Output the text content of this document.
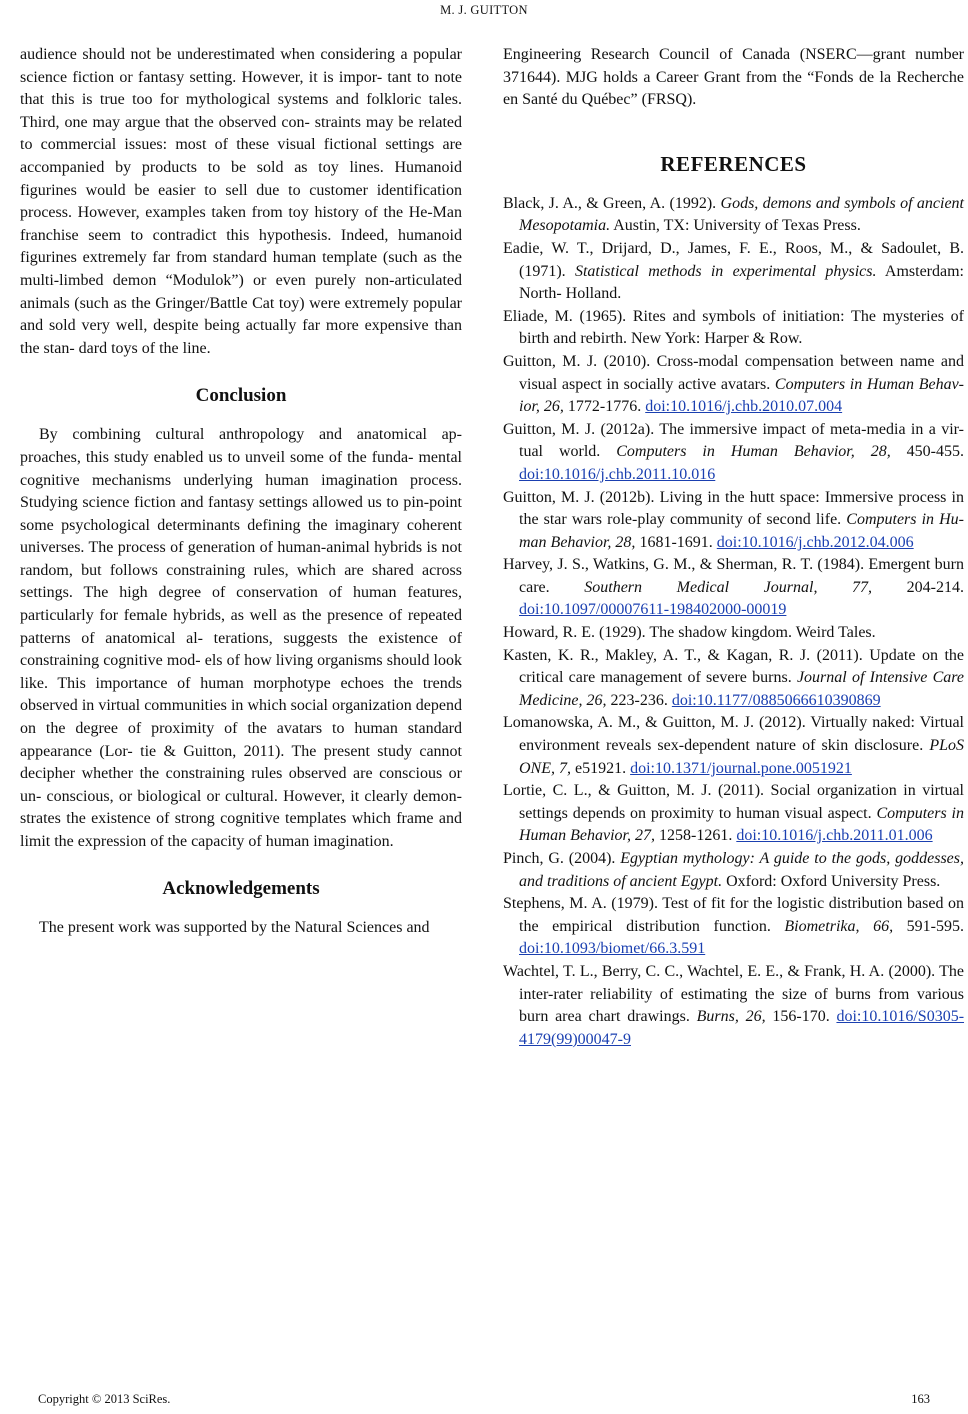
M. J. GUITTON

audience should not be underestimated when considering a popular science fiction or fantasy setting. However, it is impor- tant to note that this is true too for mythological systems and folkloric tales. Third, one may argue that the observed con- straints may be related to commercial issues: most of these visual fictional settings are accompanied by products to be sold as toy lines. Humanoid figurines would be easier to sell due to customer identification process. However, examples taken from toy history of the He-Man franchise seem to contradict this hypothesis. Indeed, humanoid figurines extremely far from standard human template (such as the multi-limbed demon “Modulok”) or even purely non-articulated animals (such as the Gringer/Battle Cat toy) were extremely popular and sold very well, despite being actually far more expensive than the stan- dard toys of the line.

Conclusion

By combining cultural anthropology and anatomical ap- proaches, this study enabled us to unveil some of the funda- mental cognitive mechanisms underlying human imagination process. Studying science fiction and fantasy settings allowed us to pin-point some psychological determinants defining the imaginary coherent universes. The process of generation of human-animal hybrids is not random, but follows constraining rules, which are shared across settings. The high degree of conservation of human features, particularly for female hybrids, as well as the presence of repeated patterns of anatomical al- terations, suggests the existence of constraining cognitive mod- els of how living organisms should look like. This importance of human morphotype echoes the trends observed in virtual communities in which social organization depend on the degree of proximity of the avatars to human standard appearance (Lor- tie & Guitton, 2011). The present study cannot decipher whether the constraining rules observed are conscious or un- conscious, or biological or cultural. However, it clearly demon- strates the existence of strong cognitive templates which frame and limit the expression of the capacity of human imagination.

Acknowledgements

The present work was supported by the Natural Sciences and

Engineering Research Council of Canada (NSERC—grant number 371644). MJG holds a Career Grant from the “Fonds de la Recherche en Santé du Québec” (FRSQ).

REFERENCES

Black, J. A., & Green, A. (1992). Gods, demons and symbols of ancient Mesopotamia. Austin, TX: University of Texas Press.

Eadie, W. T., Drijard, D., James, F. E., Roos, M., & Sadoulet, B. (1971). Statistical methods in experimental physics. Amsterdam: North- Holland.

Eliade, M. (1965). Rites and symbols of initiation: The mysteries of birth and rebirth. New York: Harper & Row.

Guitton, M. J. (2010). Cross-modal compensation between name and visual aspect in socially active avatars. Computers in Human Behav- ior, 26, 1772-1776. doi:10.1016/j.chb.2010.07.004

Guitton, M. J. (2012a). The immersive impact of meta-media in a vir- tual world. Computers in Human Behavior, 28, 450-455. doi:10.1016/j.chb.2011.10.016

Guitton, M. J. (2012b). Living in the hutt space: Immersive process in the star wars role-play community of second life. Computers in Hu- man Behavior, 28, 1681-1691. doi:10.1016/j.chb.2012.04.006

Harvey, J. S., Watkins, G. M., & Sherman, R. T. (1984). Emergent burn care. Southern Medical Journal, 77, 204-214. doi:10.1097/00007611-198402000-00019

Howard, R. E. (1929). The shadow kingdom. Weird Tales.

Kasten, K. R., Makley, A. T., & Kagan, R. J. (2011). Update on the critical care management of severe burns. Journal of Intensive Care Medicine, 26, 223-236. doi:10.1177/0885066610390869

Lomanowska, A. M., & Guitton, M. J. (2012). Virtually naked: Virtual environment reveals sex-dependent nature of skin disclosure. PLoS ONE, 7, e51921. doi:10.1371/journal.pone.0051921

Lortie, C. L., & Guitton, M. J. (2011). Social organization in virtual settings depends on proximity to human visual aspect. Computers in Human Behavior, 27, 1258-1261. doi:10.1016/j.chb.2011.01.006

Pinch, G. (2004). Egyptian mythology: A guide to the gods, goddesses, and traditions of ancient Egypt. Oxford: Oxford University Press.

Stephens, M. A. (1979). Test of fit for the logistic distribution based on the empirical distribution function. Biometrika, 66, 591-595. doi:10.1093/biomet/66.3.591

Wachtel, T. L., Berry, C. C., Wachtel, E. E., & Frank, H. A. (2000). The inter-rater reliability of estimating the size of burns from various burn area chart drawings. Burns, 26, 156-170. doi:10.1016/S0305-4179(99)00047-9

Copyright © 2013 SciRes.	163
